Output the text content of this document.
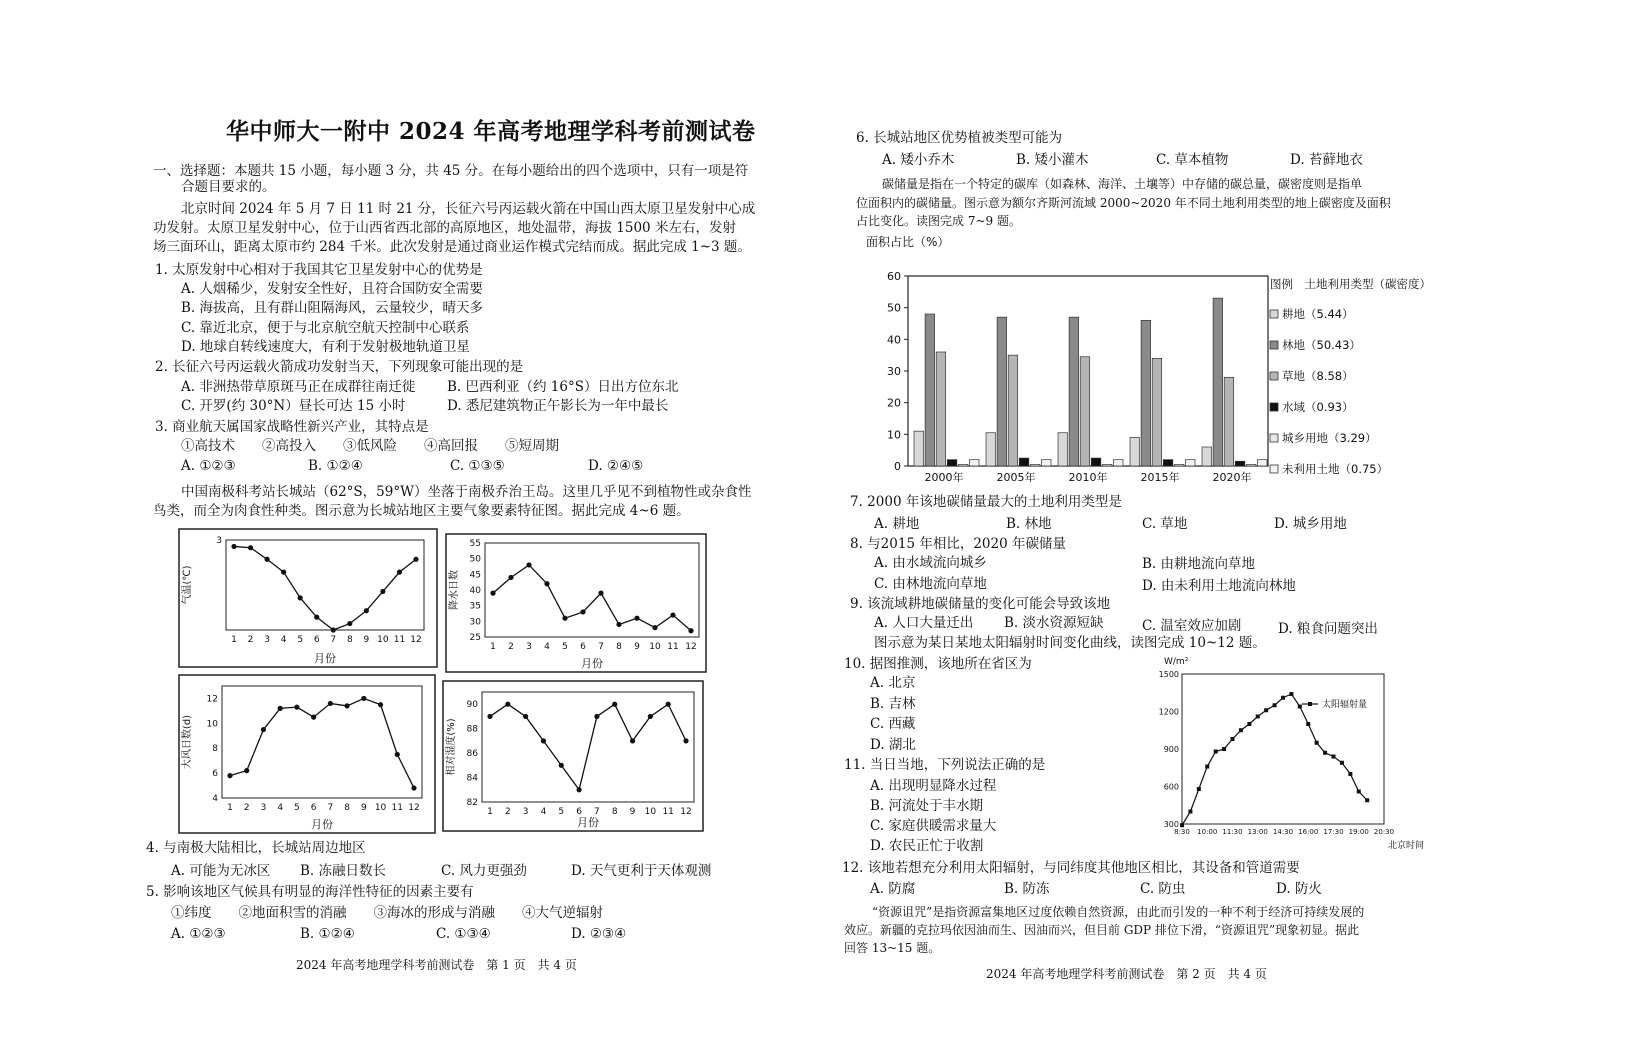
华中师大一附中 2024 年高考地理学科考前测试卷
一、选择题：本题共 15 小题，每小题 3 分，共 45 分。在每小题给出的四个选项中，只有一项是符
合题目要求的。
北京时间 2024 年 5 月 7 日 11 时 21 分，长征六号丙运载火箭在中国山西太原卫星发射中心成
功发射。太原卫星发射中心，位于山西省西北部的高原地区，地处温带，海拔 1500 米左右，发射
场三面环山，距离太原市约 284 千米。此次发射是通过商业运作模式完结而成。据此完成 1~3 题。
1. 太原发射中心相对于我国其它卫星发射中心的优势是
A. 人烟稀少，发射安全性好，且符合国防安全需要
B. 海拔高，且有群山阻隔海风，云量较少，晴天多
C. 靠近北京，便于与北京航空航天控制中心联系
D. 地球自转线速度大，有利于发射极地轨道卫星
2. 长征六号丙运载火箭成功发射当天，下列现象可能出现的是
A. 非洲热带草原斑马正在成群往南迁徙 B. 巴西利亚（约 16°S）日出方位东北
C. 开罗(约 30°N）昼长可达 15 小时	D. 悉尼建筑物正午影长为一年中最长
3. 商业航天属国家战略性新兴产业，其特点是
①高技术　　②高投入　　③低风险　　④高回报　　⑤短周期
A. ①②③	B. ①②④	C. ①③⑤	D. ②④⑤
中国南极科考站长城站（62°S，59°W）坐落于南极乔治王岛。这里几乎见不到植物性或杂食性
鸟类，而全为肉食性种类。图示意为长城站地区主要气象要素特征图。据此完成 4~6 题。
3
1 2 3 4 5 6 7 8 9 10 11 12
气温(℃)
月份
25
30
35
40
45
50
55
1 2 3 4 5 6 7 8 9 10 11 12
降水日数
月份
4
6
8
10
12
1 2 3 4 5 6 7 8 9 10 11 12
大风日数(d)
月份
82
84
86
88
90
1 2 3 4 5 6 7 8 9 10 11 12
相对湿度(%)
月份
4. 与南极大陆相比，长城站周边地区
A. 可能为无冰区 B. 冻融日数长	C. 风力更强劲	D. 天气更利于天体观测
5. 影响该地区气候具有明显的海洋性特征的因素主要有
①纬度　　②地面积雪的消融　　③海冰的形成与消融　　④大气逆辐射
A. ①②③	B. ①②④	C. ①③④	D. ②③④
2024 年高考地理学科考前测试卷　第 1 页　共 4 页
6. 长城站地区优势植被类型可能为
A. 矮小乔木	B. 矮小灌木	C. 草本植物	D. 苔藓地衣
碳储量是指在一个特定的碳库（如森林、海洋、土壤等）中存储的碳总量，碳密度则是指单
位面积内的碳储量。图示意为额尔齐斯河流域 2000~2020 年不同土地利用类型的地上碳密度及面积
占比变化。读图完成 7~9 题。
面积占比（%）
0
10
20
30
40
50
60
2000年	2005年	2010年	2015年	2020年
图例　土地利用类型（碳密度）
耕地（5.44）
林地（50.43）
草地（8.58）
水域（0.93）
城乡用地（3.29）
未利用土地（0.75）
7. 2000 年该地碳储量最大的土地利用类型是
A. 耕地	B. 林地	C. 草地	D. 城乡用地
8. 与2015 年相比，2020 年碳储量
A. 由水域流向城乡	B. 由耕地流向草地
C. 由林地流向草地	D. 由未利用土地流向林地
9. 该流域耕地碳储量的变化可能会导致该地
A. 人口大量迁出 B. 淡水资源短缺	C. 温室效应加剧	D. 粮食问题突出
图示意为某日某地太阳辐射时间变化曲线，读图完成 10~12 题。
10. 据图推测，该地所在省区为
A. 北京
B. 吉林
C. 西藏
D. 湖北
11. 当日当地，下列说法正确的是
A. 出现明显降水过程
B. 河流处于丰水期
C. 家庭供暖需求量大
D. 农民正忙于收割
W/m²
300
600
900
1200
1500
8:30 10:00 11:30 13:00 14:30 16:00 17:30 19:00 20:30
北京时间
太阳辐射量
12. 该地若想充分利用太阳辐射，与同纬度其他地区相比，其设备和管道需要
A. 防腐	B. 防冻	C. 防虫	D. 防火
“资源诅咒”是指资源富集地区过度依赖自然资源，由此而引发的一种不利于经济可持续发展的
效应。新疆的克拉玛依因油而生、因油而兴，但目前 GDP 排位下滑，“资源诅咒”现象初显。据此
回答 13~15 题。
2024 年高考地理学科考前测试卷　第 2 页　共 4 页
